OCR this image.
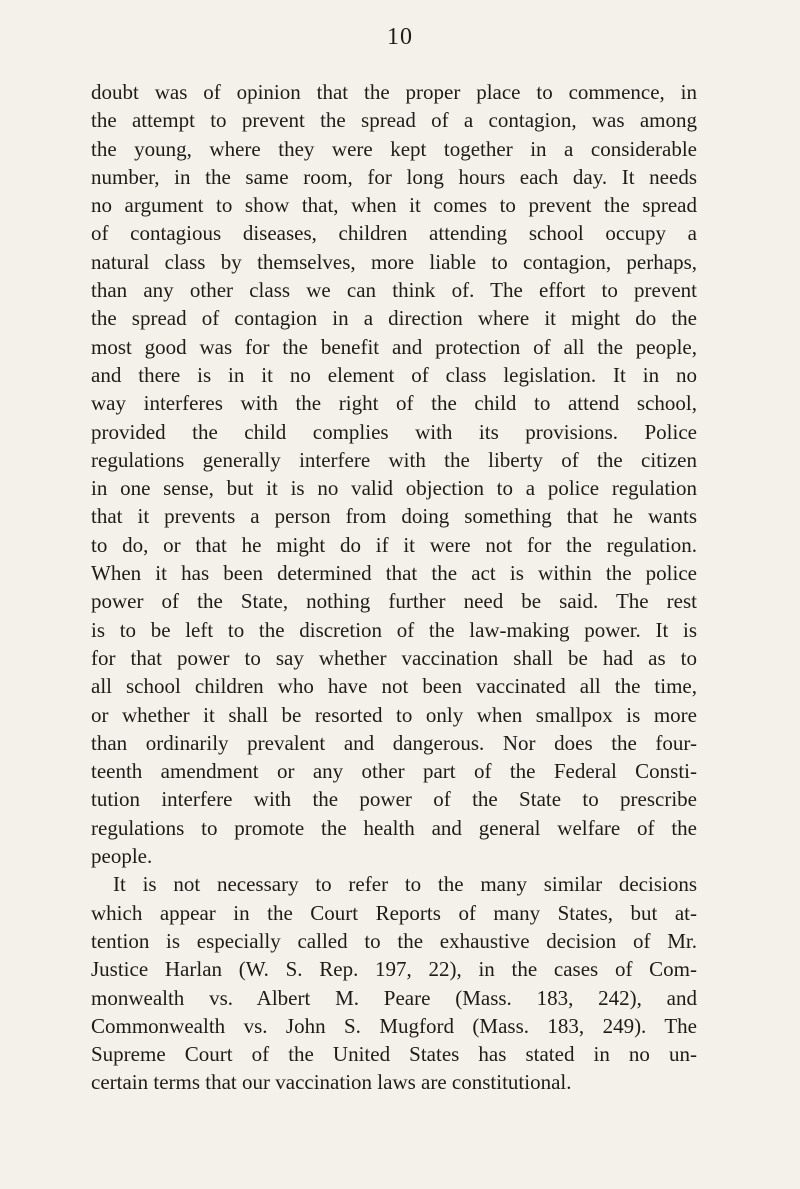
10
doubt was of opinion that the proper place to commence, in
the attempt to prevent the spread of a contagion, was among
the young, where they were kept together in a considerable
number, in the same room, for long hours each day. It needs
no argument to show that, when it comes to prevent the spread
of contagious diseases, children attending school occupy a
natural class by themselves, more liable to contagion, perhaps,
than any other class we can think of. The effort to prevent
the spread of contagion in a direction where it might do the
most good was for the benefit and protection of all the people,
and there is in it no element of class legislation. It in no
way interferes with the right of the child to attend school,
provided the child complies with its provisions. Police
regulations generally interfere with the liberty of the citizen
in one sense, but it is no valid objection to a police regulation
that it prevents a person from doing something that he wants
to do, or that he might do if it were not for the regulation.
When it has been determined that the act is within the police
power of the State, nothing further need be said. The rest
is to be left to the discretion of the law-making power. It is
for that power to say whether vaccination shall be had as to
all school children who have not been vaccinated all the time,
or whether it shall be resorted to only when smallpox is more
than ordinarily prevalent and dangerous. Nor does the four-
teenth amendment or any other part of the Federal Consti-
tution interfere with the power of the State to prescribe
regulations to promote the health and general welfare of the
people.
It is not necessary to refer to the many similar decisions
which appear in the Court Reports of many States, but at-
tention is especially called to the exhaustive decision of Mr.
Justice Harlan (W. S. Rep. 197, 22), in the cases of Com-
monwealth vs. Albert M. Peare (Mass. 183, 242), and
Commonwealth vs. John S. Mugford (Mass. 183, 249). The
Supreme Court of the United States has stated in no un-
certain terms that our vaccination laws are constitutional.
